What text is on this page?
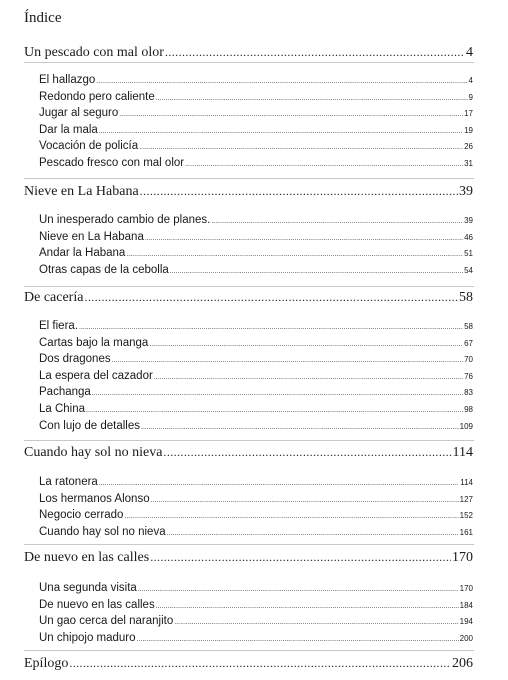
Índice
Un pescado con mal olor .....	4
El hallazgo .....	4
Redondo pero caliente .....	9
Jugar al seguro .....	17
Dar la mala .....	19
Vocación de policía .....	26
Pescado fresco con mal olor .....	31
Nieve en La Habana .....	39
Un inesperado cambio de planes. .....	39
Nieve en La Habana .....	46
Andar la Habana .....	51
Otras capas de la cebolla .....	54
De cacería .....	58
El fiera. .....	58
Cartas bajo la manga .....	67
Dos dragones .....	70
La espera del cazador .....	76
Pachanga .....	83
La China .....	98
Con lujo de detalles .....	109
Cuando hay sol no nieva .....	114
La ratonera .....	114
Los hermanos Alonso .....	127
Negocio cerrado .....	152
Cuando hay sol no nieva .....	161
De nuevo en las calles .....	170
Una segunda visita .....	170
De nuevo en las calles .....	184
Un gao cerca del naranjito .....	194
Un chipojo maduro .....	200
Epílogo .....	206
